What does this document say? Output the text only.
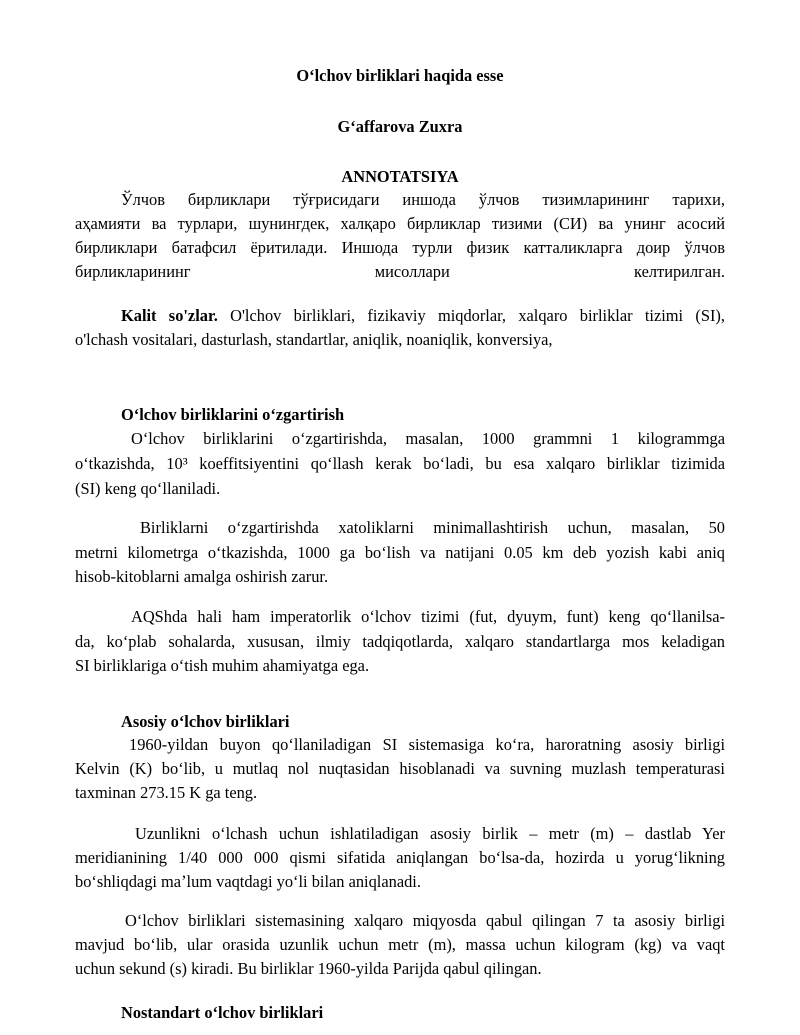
Oʻlchov birliklari haqida esse
Gʻaffarova Zuxra
ANNOTATSIYA
Ўлчов бирликлари тўғрисидаги иншода ўлчов тизимларининг тарихи,
аҳамияти ва турлари, шунингдек, халқаро бирликлар тизими (СИ) ва унинг асосий
бирликлари батафсил ёритилади. Иншода турли физик катталикларга доир ўлчов
бирликларининг мисоллари келтирилган.
Kalit so'zlar. O'lchov birliklari, fizikaviy miqdorlar, xalqaro birliklar tizimi (SI),
o'lchash vositalari, dasturlash, standartlar, aniqlik, noaniqlik, konversiya,
Oʻlchov birliklarini oʻzgartirish
Oʻlchov birliklarini oʻzgartirishda, masalan, 1000 grammni 1 kilogrammga
oʻtkazishda, 10³ koeffitsiyentini qoʻllash kerak boʻladi, bu esa xalqaro birliklar tizimida
(SI) keng qoʻllaniladi.
Birliklarni oʻzgartirishda xatoliklarni minimallashtirish uchun, masalan, 50
metrni kilometrga oʻtkazishda, 1000 ga boʻlish va natijani 0.05 km deb yozish kabi aniq
hisob-kitoblarni amalga oshirish zarur.
AQShda hali ham imperatorlik oʻlchov tizimi (fut, dyuym, funt) keng qoʻllanilsa-
da, koʻplab sohalarda, xususan, ilmiy tadqiqotlarda, xalqaro standartlarga mos keladigan
SI birliklariga oʻtish muhim ahamiyatga ega.
Asosiy oʻlchov birliklari
1960-yildan buyon qoʻllaniladigan SI sistemasiga koʻra, haroratning asosiy birligi
Kelvin (K) boʻlib, u mutlaq nol nuqtasidan hisoblanadi va suvning muzlash temperaturasi
taxminan 273.15 K ga teng.
Uzunlikni oʻlchash uchun ishlatiladigan asosiy birlik – metr (m) – dastlab Yer
meridianining 1/40 000 000 qismi sifatida aniqlangan boʻlsa-da, hozirda u yorugʻlikning
boʻshliqdagi maʼlum vaqtdagi yoʻli bilan aniqlanadi.
Oʻlchov birliklari sistemasining xalqaro miqyosda qabul qilingan 7 ta asosiy birligi
mavjud boʻlib, ular orasida uzunlik uchun metr (m), massa uchun kilogram (kg) va vaqt
uchun sekund (s) kiradi. Bu birliklar 1960-yilda Parijda qabul qilingan.
Nostandart oʻlchov birliklari
